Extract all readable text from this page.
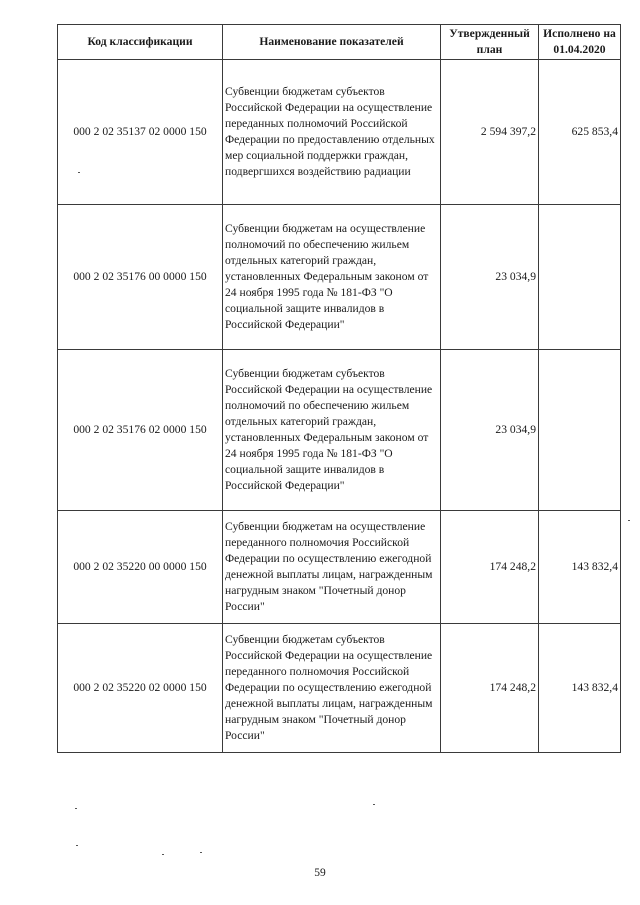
Код классификации	Наименование показателей	Утвержденный план	Исполнено на 01.04.2020
000 2 02 35137 02 0000 150	Субвенции бюджетам субъектов Российской Федерации на осуществление переданных полномочий Российской Федерации по предоставлению отдельных мер социальной поддержки граждан, подвергшихся воздействию радиации	2 594 397,2	625 853,4
000 2 02 35176 00 0000 150	Субвенции бюджетам на осуществление полномочий по обеспечению жильем отдельных категорий граждан, установленных Федеральным законом от 24 ноября 1995 года № 181-ФЗ "О социальной защите инвалидов в Российской Федерации"	23 034,9	
000 2 02 35176 02 0000 150	Субвенции бюджетам субъектов Российской Федерации на осуществление полномочий по обеспечению жильем отдельных категорий граждан, установленных Федеральным законом от 24 ноября 1995 года № 181-ФЗ "О социальной защите инвалидов в Российской Федерации"	23 034,9	
000 2 02 35220 00 0000 150	Субвенции бюджетам на осуществление переданного полномочия Российской Федерации по осуществлению ежегодной денежной выплаты лицам, награжденным нагрудным знаком "Почетный донор России"	174 248,2	143 832,4
000 2 02 35220 02 0000 150	Субвенции бюджетам субъектов Российской Федерации на осуществление переданного полномочия Российской Федерации по осуществлению ежегодной денежной выплаты лицам, награжденным нагрудным знаком "Почетный донор России"	174 248,2	143 832,4
59
